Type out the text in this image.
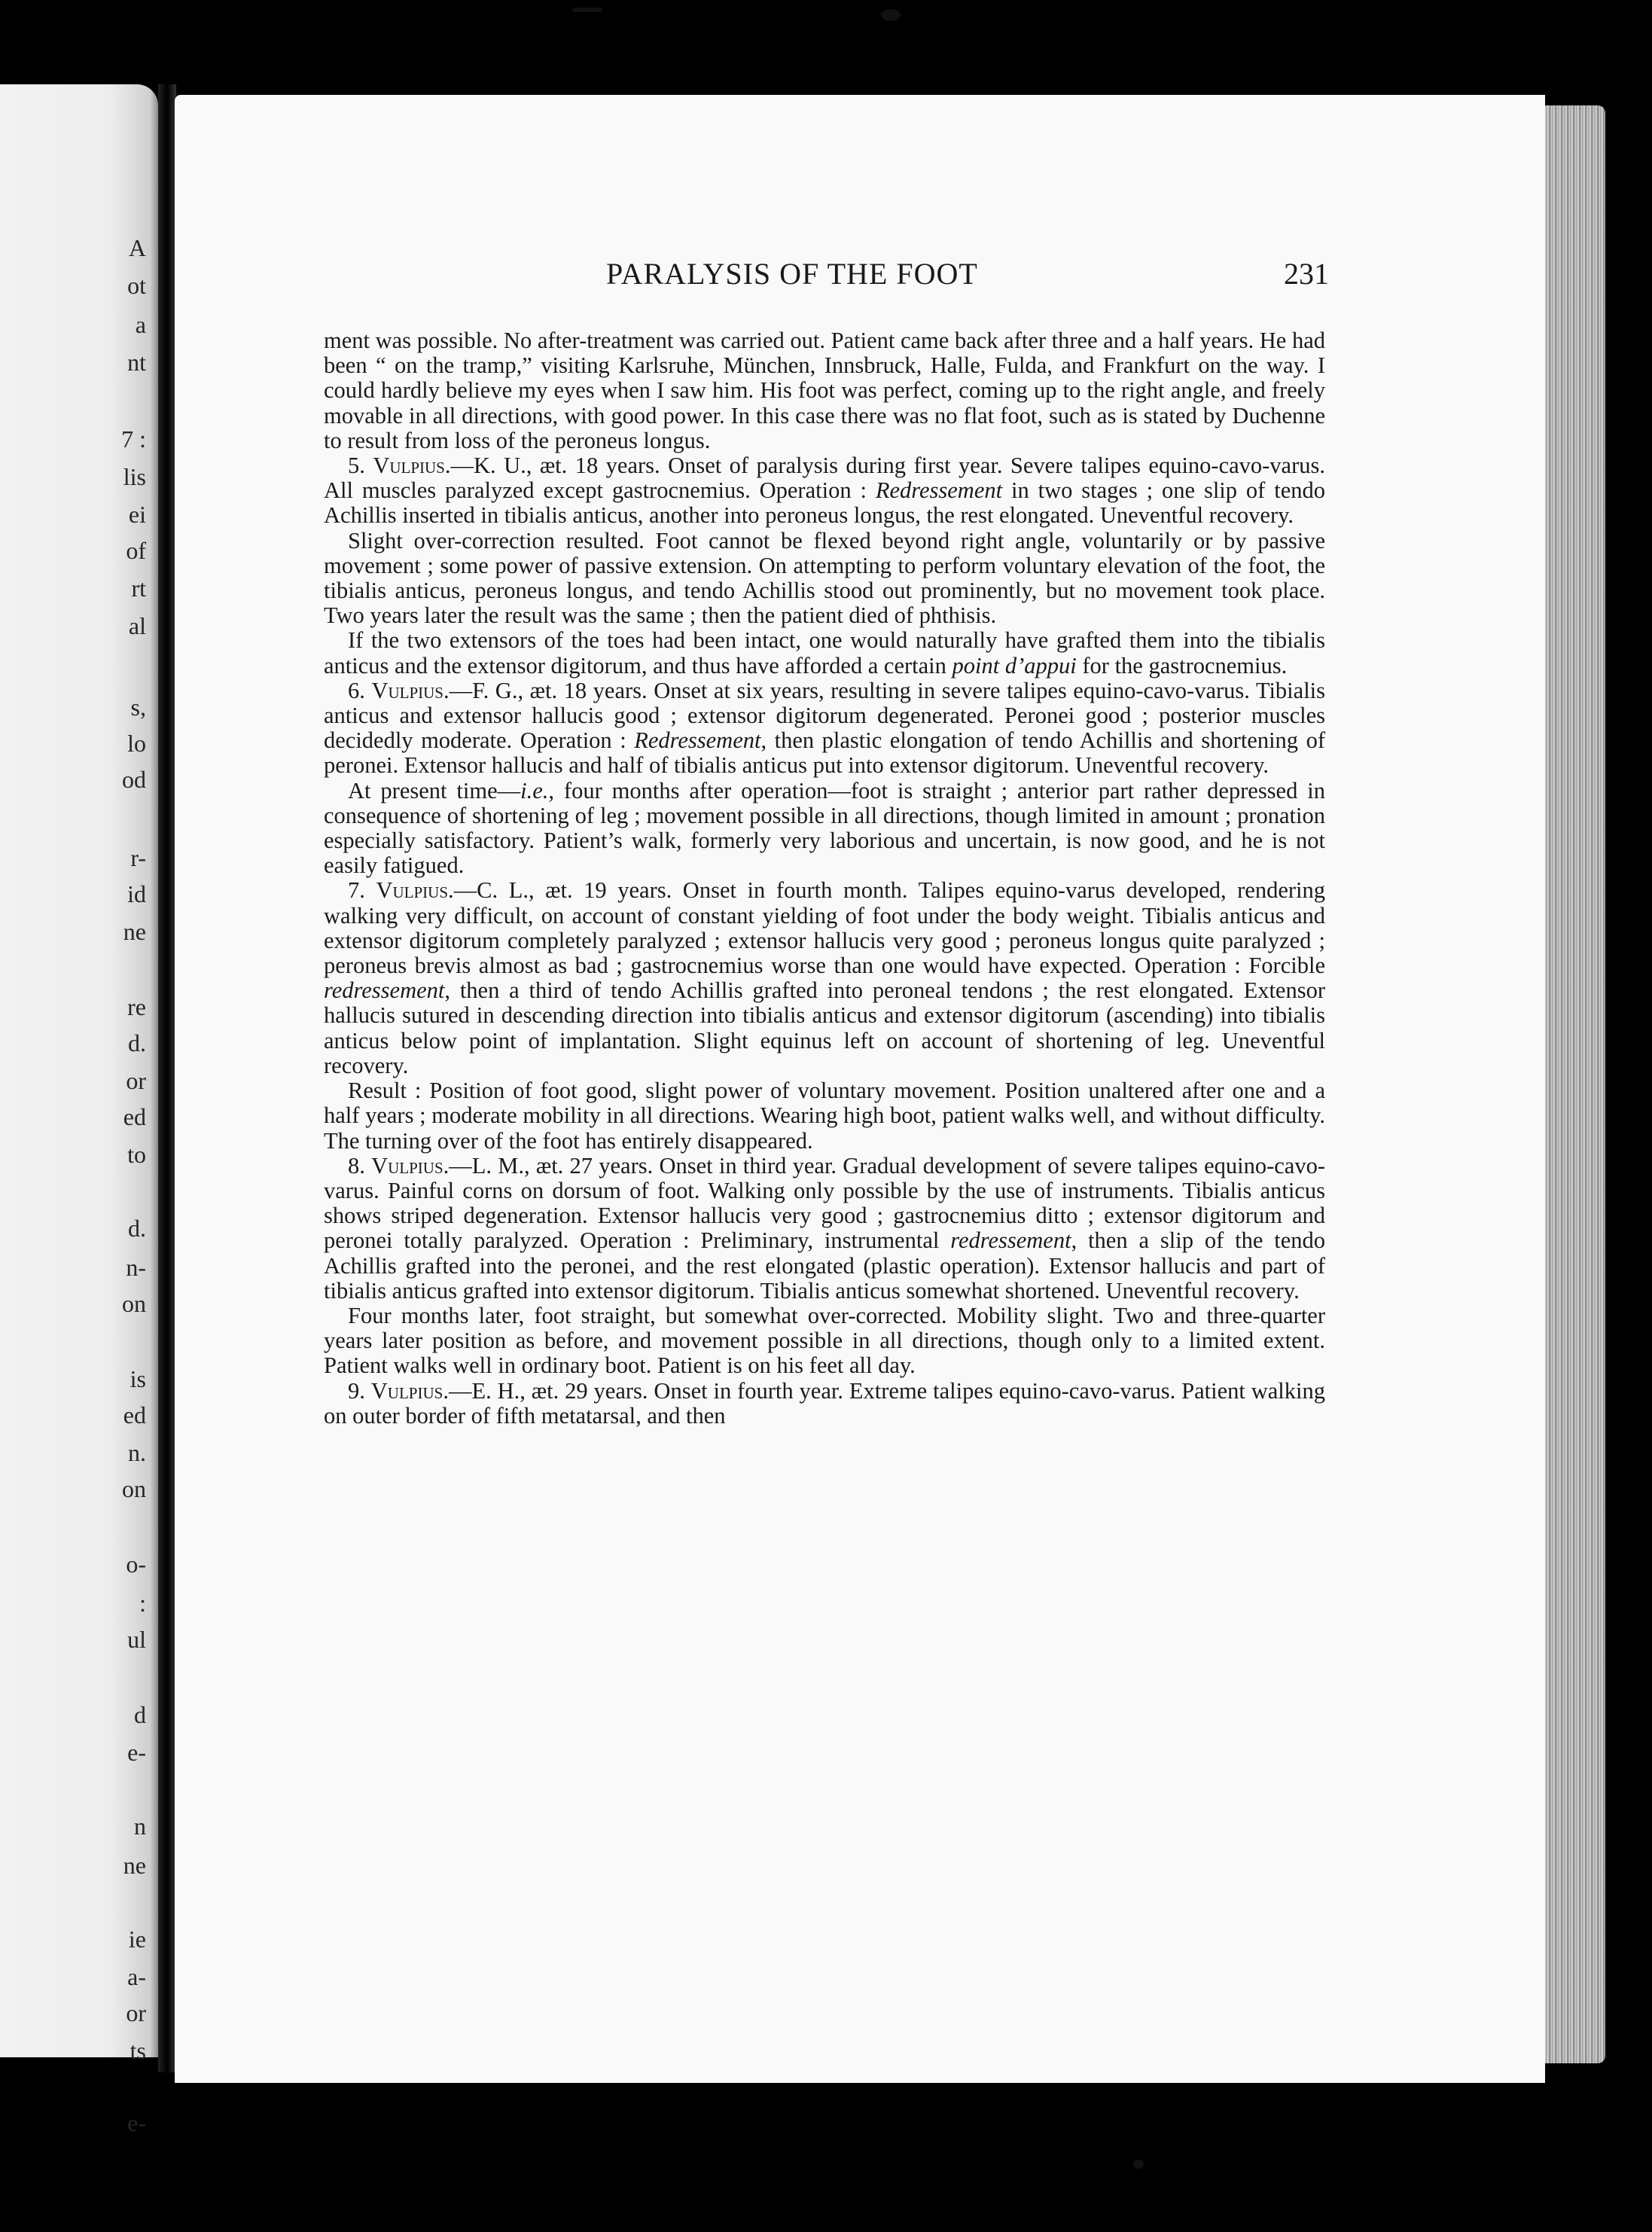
A
ot
a
nt
7 :
lis
ei
of
rt
al
s,
lo
od
r-
id
ne
re
d.
or
ed
to
d.
n-
on
is
ed
n.
on
o-
:
ul
d
e-
n
ne
ie
a-
or
ts
e-
PARALYSIS OF THE FOOT	231

ment was possible. No after-treatment was carried out. Patient came back after three and a half years. He had been “ on the tramp,” visiting Karlsruhe, München, Innsbruck, Halle, Fulda, and Frankfurt on the way. I could hardly believe my eyes when I saw him. His foot was perfect, coming up to the right angle, and freely movable in all directions, with good power. In this case there was no flat foot, such as is stated by Duchenne to result from loss of the peroneus longus.

5. Vulpius.—K. U., æt. 18 years. Onset of paralysis during first year. Severe talipes equino-cavo-varus. All muscles paralyzed except gastrocnemius. Operation : Redressement in two stages ; one slip of tendo Achillis inserted in tibialis anticus, another into peroneus longus, the rest elongated. Uneventful recovery.

Slight over-correction resulted. Foot cannot be flexed beyond right angle, voluntarily or by passive movement ; some power of passive extension. On attempting to perform voluntary elevation of the foot, the tibialis anticus, peroneus longus, and tendo Achillis stood out prominently, but no movement took place. Two years later the result was the same ; then the patient died of phthisis.

If the two extensors of the toes had been intact, one would naturally have grafted them into the tibialis anticus and the extensor digitorum, and thus have afforded a certain point d’appui for the gastrocnemius.

6. Vulpius.—F. G., æt. 18 years. Onset at six years, resulting in severe talipes equino-cavo-varus. Tibialis anticus and extensor hallucis good ; extensor digitorum degenerated. Peronei good ; posterior muscles decidedly moderate. Operation : Redressement, then plastic elongation of tendo Achillis and shortening of peronei. Extensor hallucis and half of tibialis anticus put into extensor digitorum. Uneventful recovery.

At present time—i.e., four months after operation—foot is straight ; anterior part rather depressed in consequence of shortening of leg ; movement possible in all directions, though limited in amount ; pronation especially satisfactory. Patient’s walk, formerly very laborious and uncertain, is now good, and he is not easily fatigued.

7. Vulpius.—C. L., æt. 19 years. Onset in fourth month. Talipes equino-varus developed, rendering walking very difficult, on account of constant yielding of foot under the body weight. Tibialis anticus and extensor digitorum completely paralyzed ; extensor hallucis very good ; peroneus longus quite paralyzed ; peroneus brevis almost as bad ; gastrocnemius worse than one would have expected. Operation : Forcible redressement, then a third of tendo Achillis grafted into peroneal tendons ; the rest elongated. Extensor hallucis sutured in descending direction into tibialis anticus and extensor digitorum (ascending) into tibialis anticus below point of implantation. Slight equinus left on account of shortening of leg. Uneventful recovery.

Result : Position of foot good, slight power of voluntary movement. Position unaltered after one and a half years ; moderate mobility in all directions. Wearing high boot, patient walks well, and without difficulty. The turning over of the foot has entirely disappeared.

8. Vulpius.—L. M., æt. 27 years. Onset in third year. Gradual development of severe talipes equino-cavo-varus. Painful corns on dorsum of foot. Walking only possible by the use of instruments. Tibialis anticus shows striped degeneration. Extensor hallucis very good ; gastrocnemius ditto ; extensor digitorum and peronei totally paralyzed. Operation : Preliminary, instrumental redressement, then a slip of the tendo Achillis grafted into the peronei, and the rest elongated (plastic operation). Extensor hallucis and part of tibialis anticus grafted into extensor digitorum. Tibialis anticus somewhat shortened. Uneventful recovery.

Four months later, foot straight, but somewhat over-corrected. Mobility slight. Two and three-quarter years later position as before, and movement possible in all directions, though only to a limited extent. Patient walks well in ordinary boot. Patient is on his feet all day.

9. Vulpius.—E. H., æt. 29 years. Onset in fourth year. Extreme talipes equino-cavo-varus. Patient walking on outer border of fifth metatarsal, and then
